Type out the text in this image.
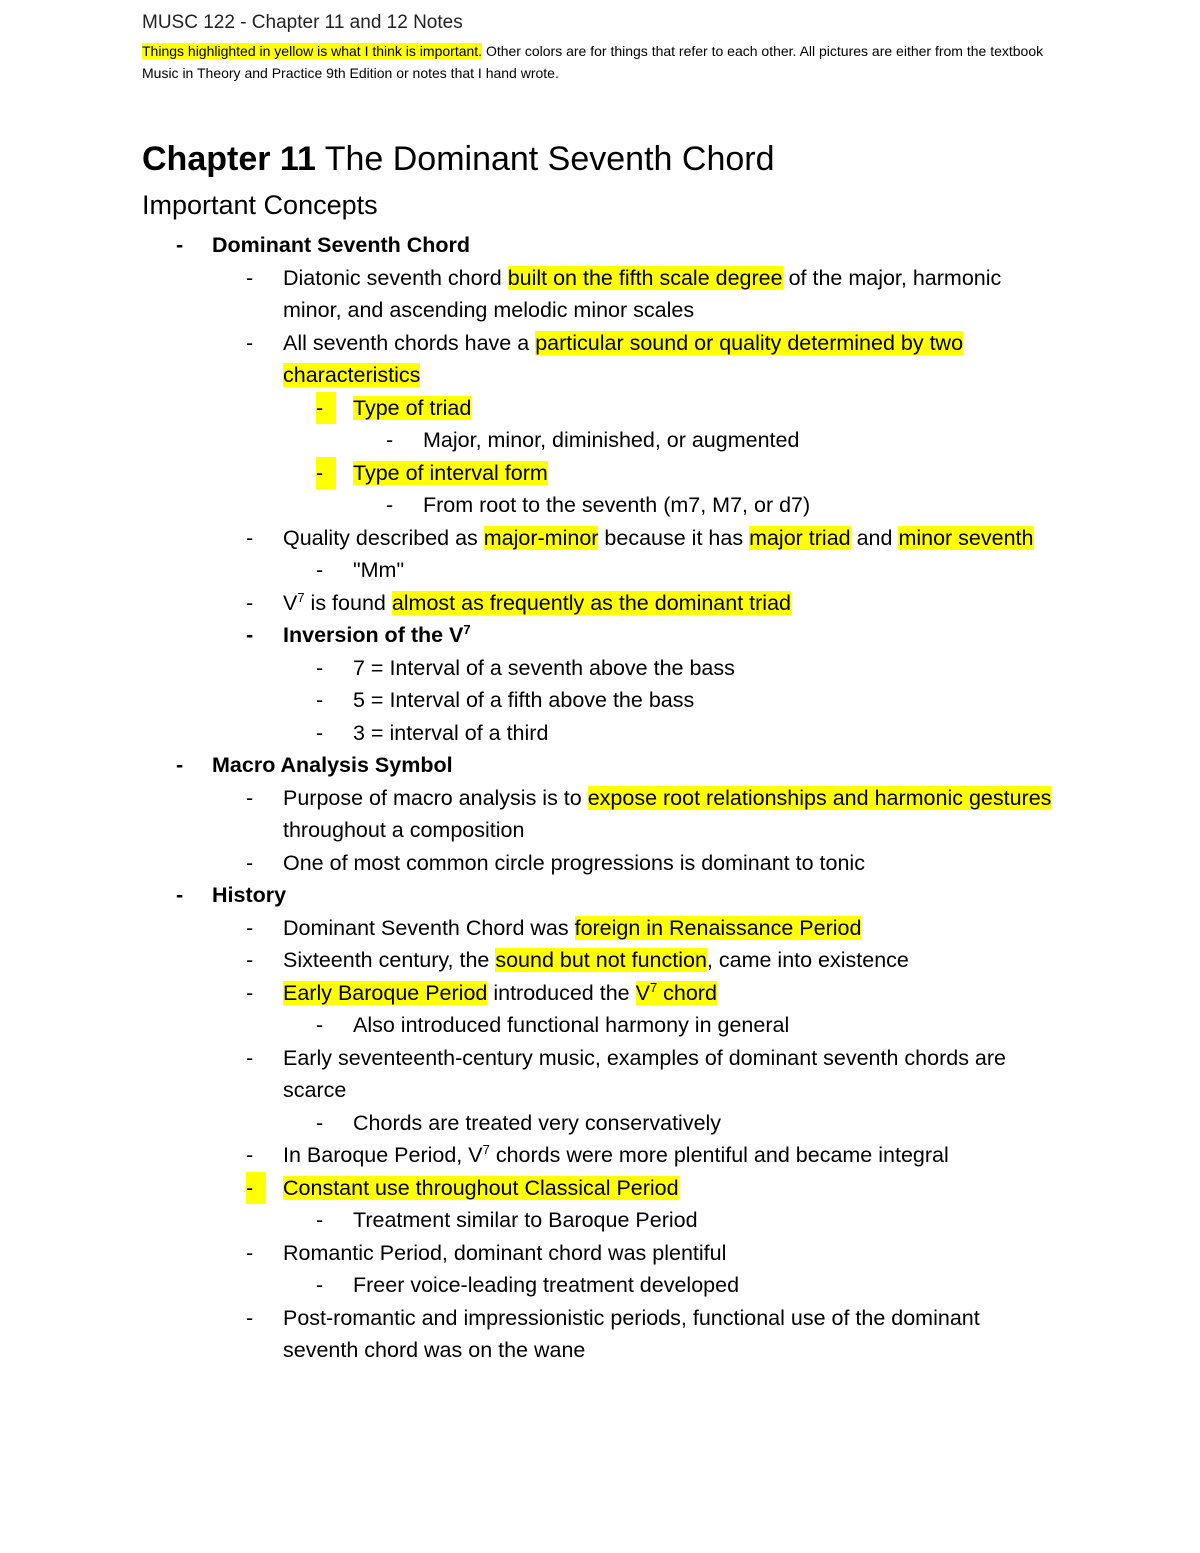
MUSC 122 - Chapter 11 and 12 Notes
Things highlighted in yellow is what I think is important. Other colors are for things that refer to each other. All pictures are either from the textbook Music in Theory and Practice 9th Edition or notes that I hand wrote.
Chapter 11 The Dominant Seventh Chord
Important Concepts
- Dominant Seventh Chord
- Diatonic seventh chord built on the fifth scale degree of the major, harmonic minor, and ascending melodic minor scales
- All seventh chords have a particular sound or quality determined by two characteristics
-	Type of triad
- Major, minor, diminished, or augmented
-	Type of interval form
- From root to the seventh (m7, M7, or d7)
- Quality described as major-minor because it has major triad and minor seventh
- "Mm"
- $V^7$ is found almost as frequently as the dominant triad
- Inversion of the $V^7$
- 7 = Interval of a seventh above the bass
- 5 = Interval of a fifth above the bass
- 3 = interval of a third
- Macro Analysis Symbol
- Purpose of macro analysis is to expose root relationships and harmonic gestures throughout a composition
- One of most common circle progressions is dominant to tonic
- History
- Dominant Seventh Chord was foreign in Renaissance Period
- Sixteenth century, the sound but not function, came into existence
- Early Baroque Period introduced the $V^7$ chord
- Also introduced functional harmony in general
- Early seventeenth-century music, examples of dominant seventh chords are scarce
- Chords are treated very conservatively
- In Baroque Period, $V^7$ chords were more plentiful and became integral
-	Constant use throughout Classical Period
- Treatment similar to Baroque Period
- Romantic Period, dominant chord was plentiful
- Freer voice-leading treatment developed
- Post-romantic and impressionistic periods, functional use of the dominant seventh chord was on the wane
